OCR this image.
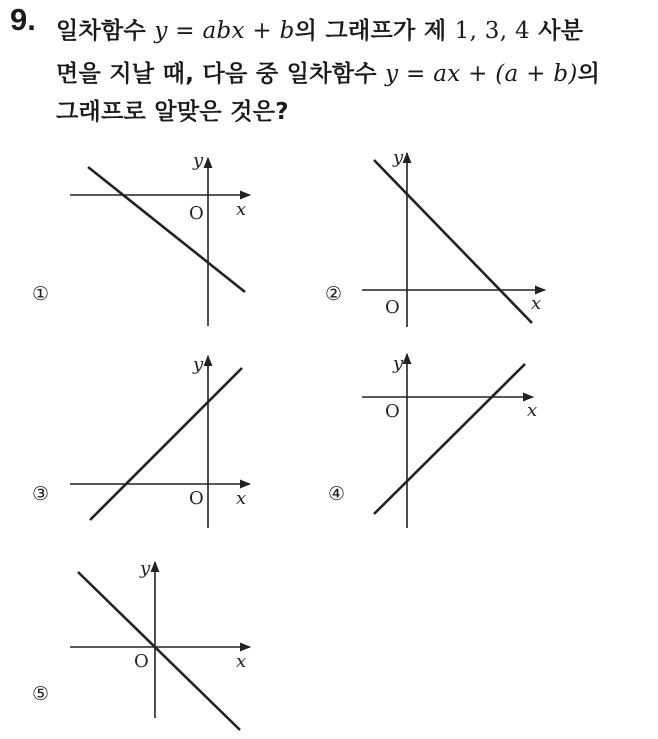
9. 일차함수 y = abx + b의 그래프가 제 1, 3, 4 사분
면을 지날 때, 다음 중 일차함수 y = ax + (a + b)의
그래프로 알맞은 것은?
y
O x
①
y
O	x
②
y
O x
③
y
O	x
④
y
O	x
⑤
